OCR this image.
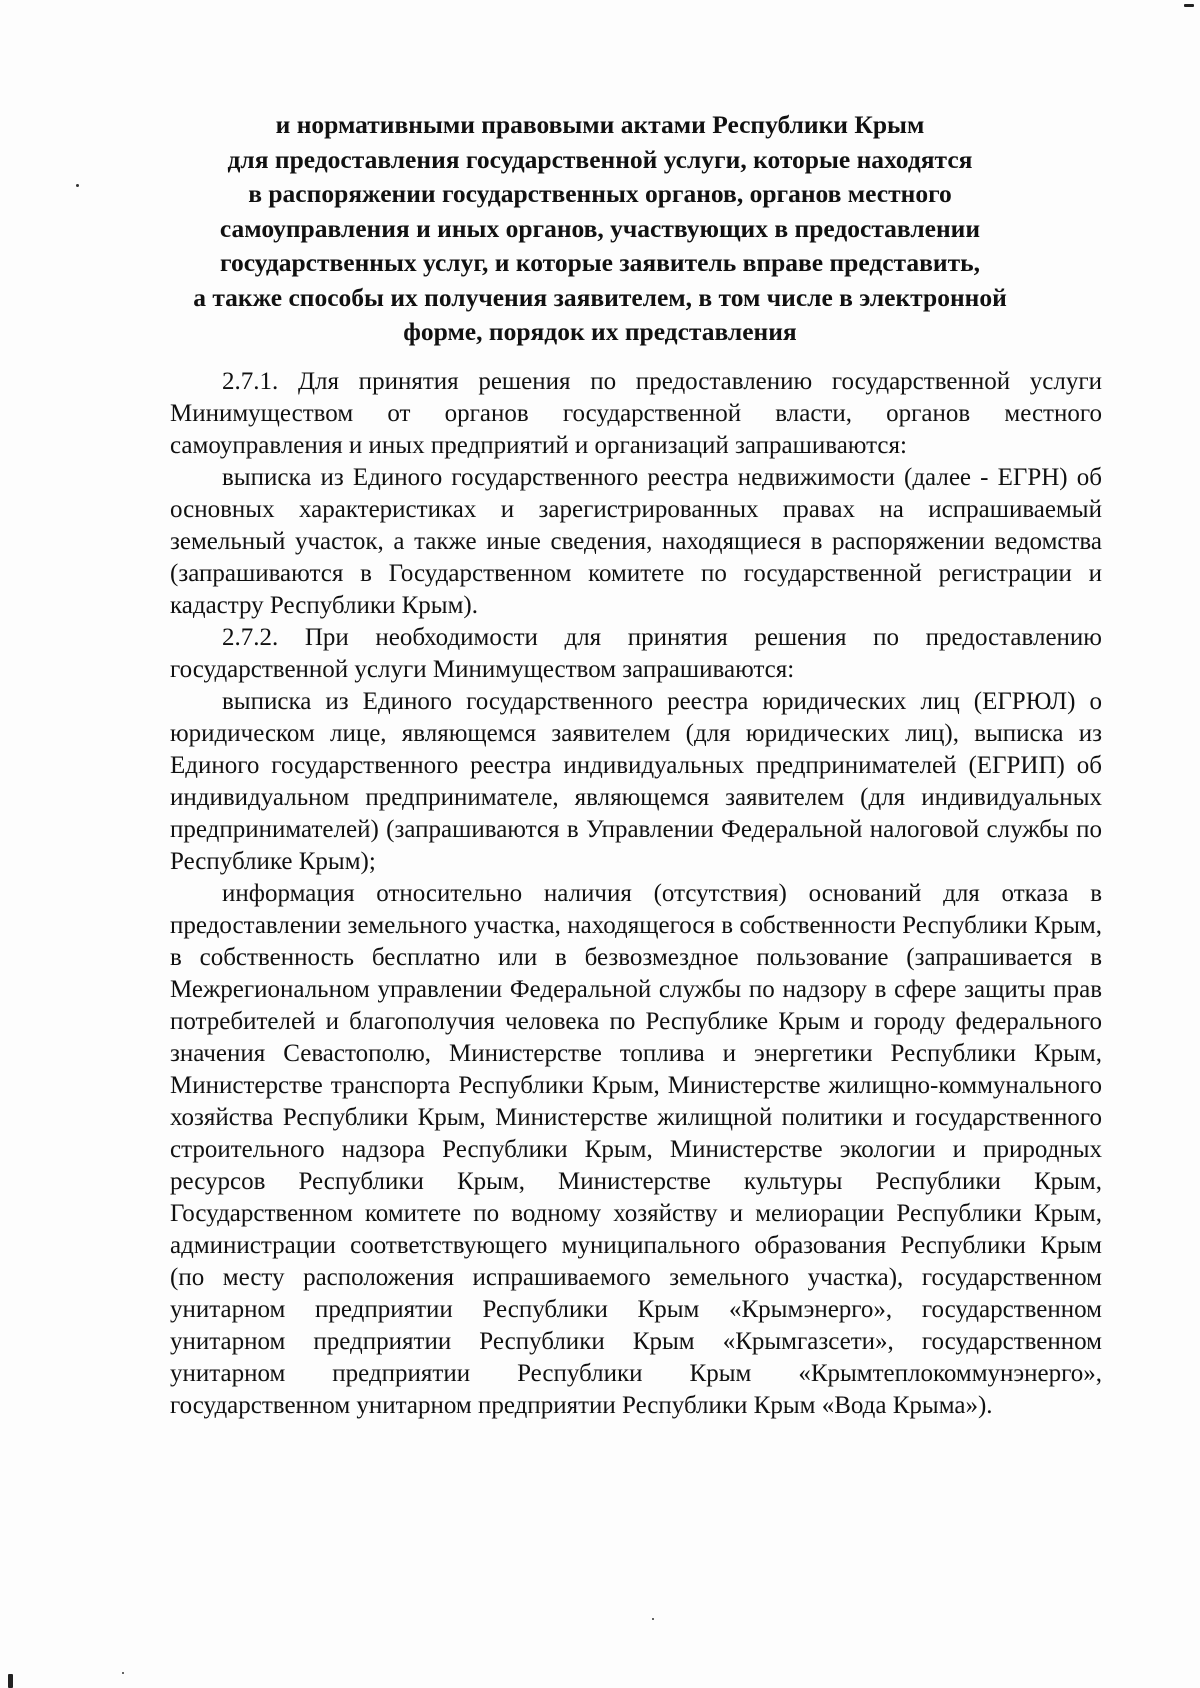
и нормативными правовыми актами Республики Крым
для предоставления государственной услуги, которые находятся
в распоряжении государственных органов, органов местного
самоуправления и иных органов, участвующих в предоставлении
государственных услуг, и которые заявитель вправе представить,
а также способы их получения заявителем, в том числе в электронной
форме, порядок их представления

2.7.1. Для принятия решения по предоставлению государственной услуги Минимуществом от органов государственной власти, органов местного самоуправления и иных предприятий и организаций запрашиваются:

выписка из Единого государственного реестра недвижимости (далее - ЕГРН) об основных характеристиках и зарегистрированных правах на испрашиваемый земельный участок, а также иные сведения, находящиеся в распоряжении ведомства (запрашиваются в Государственном комитете по государственной регистрации и кадастру Республики Крым).

2.7.2. При необходимости для принятия решения по предоставлению государственной услуги Минимуществом запрашиваются:

выписка из Единого государственного реестра юридических лиц (ЕГРЮЛ) о юридическом лице, являющемся заявителем (для юридических лиц), выписка из Единого государственного реестра индивидуальных предпринимателей (ЕГРИП) об индивидуальном предпринимателе, являющемся заявителем (для индивидуальных предпринимателей) (запрашиваются в Управлении Федеральной налоговой службы по Республике Крым);

информация относительно наличия (отсутствия) оснований для отказа в предоставлении земельного участка, находящегося в собственности Республики Крым, в собственность бесплатно или в безвозмездное пользование (запрашивается в Межрегиональном управлении Федеральной службы по надзору в сфере защиты прав потребителей и благополучия человека по Республике Крым и городу федерального значения Севастополю, Министерстве топлива и энергетики Республики Крым, Министерстве транспорта Республики Крым, Министерстве жилищно-коммунального хозяйства Республики Крым, Министерстве жилищной политики и государственного строительного надзора Республики Крым, Министерстве экологии и природных ресурсов Республики Крым, Министерстве культуры Республики Крым, Государственном комитете по водному хозяйству и мелиорации Республики Крым, администрации соответствующего муниципального образования Республики Крым (по месту расположения испрашиваемого земельного участка), государственном унитарном предприятии Республики Крым «Крымэнерго», государственном унитарном предприятии Республики Крым «Крымгазсети», государственном унитарном предприятии Республики Крым «Крымтеплокоммунэнерго», государственном унитарном предприятии Республики Крым «Вода Крыма»).
